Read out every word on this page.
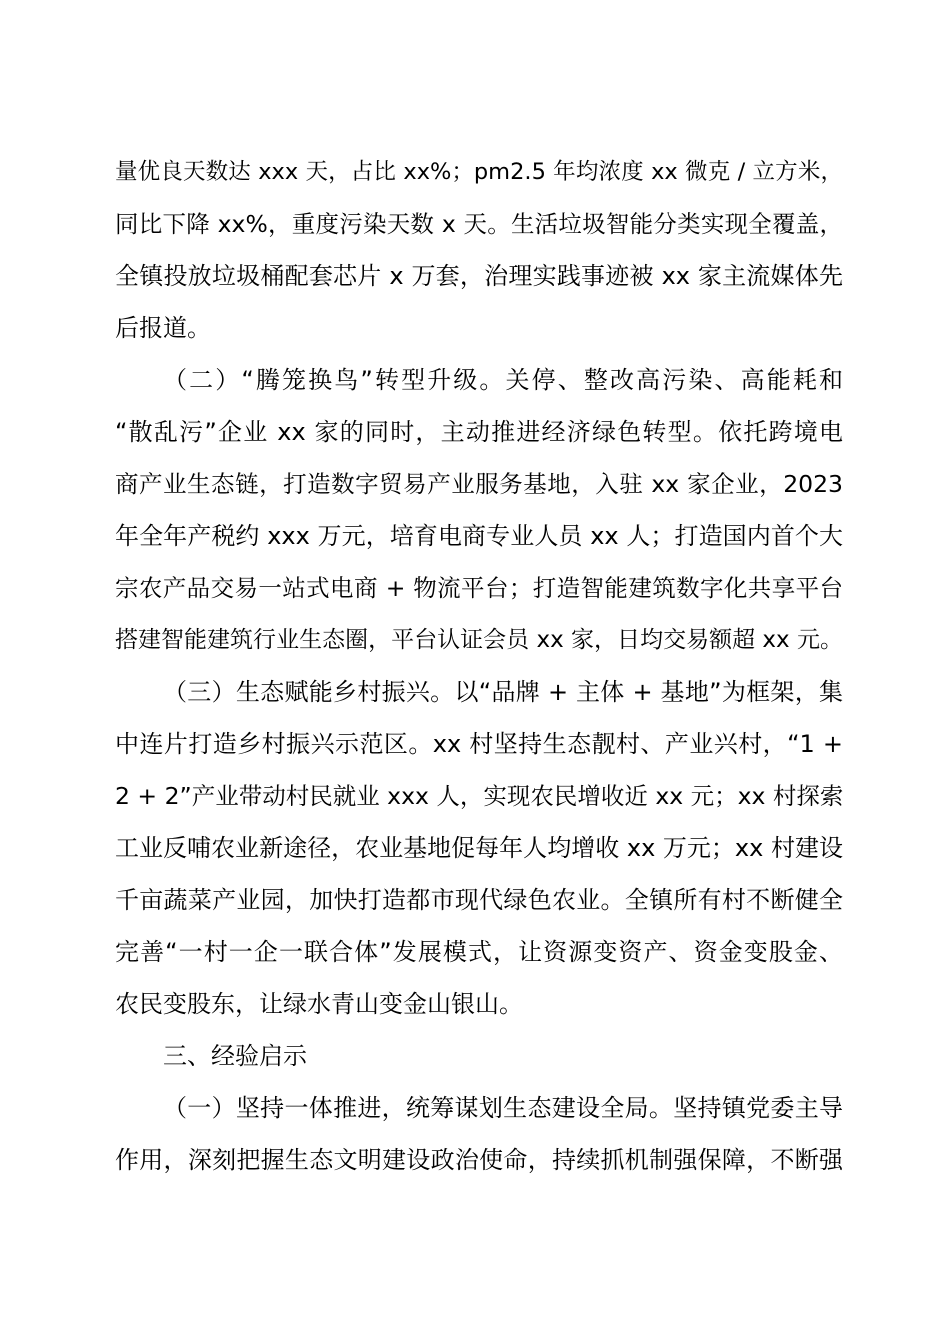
量优良天数达 xxx 天，占比 xx%；pm2.5 年均浓度 xx 微克 / 立方米，
同比下降 xx%，重度污染天数 x 天。生活垃圾智能分类实现全覆盖，
全镇投放垃圾桶配套芯片 x 万套，治理实践事迹被 xx 家主流媒体先
后报道。
（二）“腾笼换鸟”转型升级。关停、整改高污染、高能耗和
“散乱污”企业 xx 家的同时，主动推进经济绿色转型。依托跨境电
商产业生态链，打造数字贸易产业服务基地，入驻 xx 家企业，2023
年全年产税约 xxx 万元，培育电商专业人员 xx 人；打造国内首个大
宗农产品交易一站式电商 + 物流平台；打造智能建筑数字化共享平台
搭建智能建筑行业生态圈，平台认证会员 xx 家，日均交易额超 xx 元。
（三）生态赋能乡村振兴。以“品牌 + 主体 + 基地”为框架，集
中连片打造乡村振兴示范区。xx 村坚持生态靓村、产业兴村，“1 +
2 + 2”产业带动村民就业 xxx 人，实现农民增收近 xx 元；xx 村探索
工业反哺农业新途径，农业基地促每年人均增收 xx 万元；xx 村建设
千亩蔬菜产业园，加快打造都市现代绿色农业。全镇所有村不断健全
完善“一村一企一联合体”发展模式，让资源变资产、资金变股金、
农民变股东，让绿水青山变金山银山。
三、经验启示
（一）坚持一体推进，统筹谋划生态建设全局。坚持镇党委主导
作用，深刻把握生态文明建设政治使命，持续抓机制强保障，不断强
